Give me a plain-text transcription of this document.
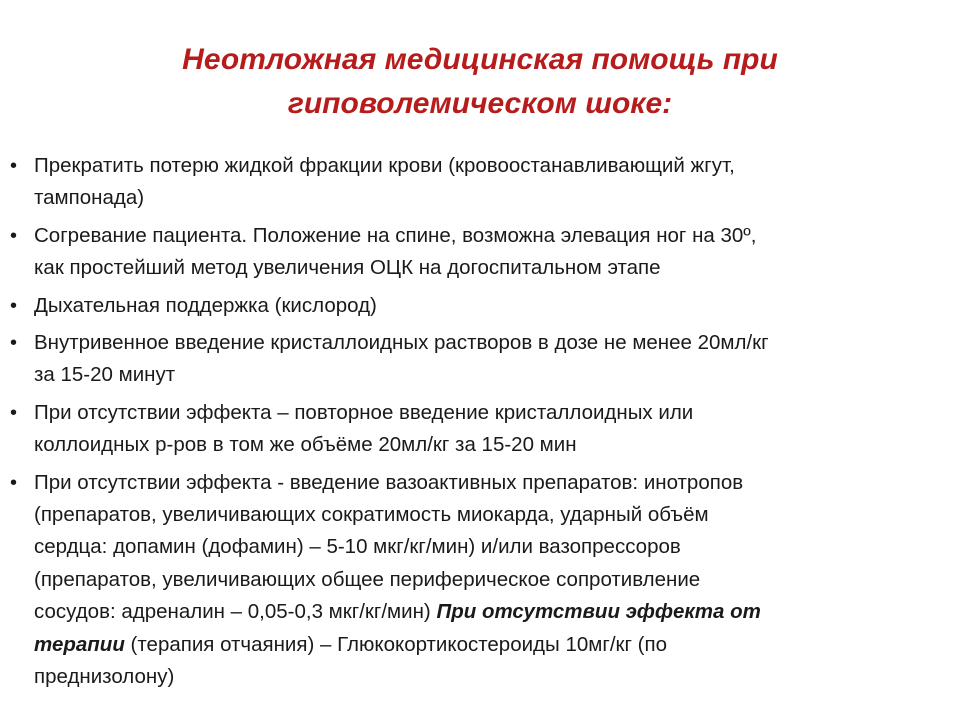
Неотложная медицинская помощь при
гиповолемическом шоке:
• Прекратить потерю жидкой фракции крови (кровоостанавливающий жгут,
тампонада)
• Согревание пациента. Положение на спине, возможна элевация ног на 30º,
как простейший метод увеличения ОЦК на догоспитальном этапе
• Дыхательная поддержка (кислород)
• Внутривенное введение кристаллоидных растворов в дозе не менее 20мл/кг
за 15-20 минут
• При отсутствии эффекта – повторное введение кристаллоидных или
коллоидных р-ров в том же объёме 20мл/кг за 15-20 мин
• При отсутствии эффекта - введение вазоактивных препаратов: инотропов
(препаратов, увеличивающих сократимость миокарда, ударный объём
сердца: допамин (дофамин) – 5-10 мкг/кг/мин) и/или вазопрессоров
(препаратов, увеличивающих общее периферическое сопротивление
сосудов: адреналин – 0,05-0,3 мкг/кг/мин) При отсутствии эффекта от
терапии (терапия отчаяния) – Глюкокортикостероиды 10мг/кг (по
преднизолону)
